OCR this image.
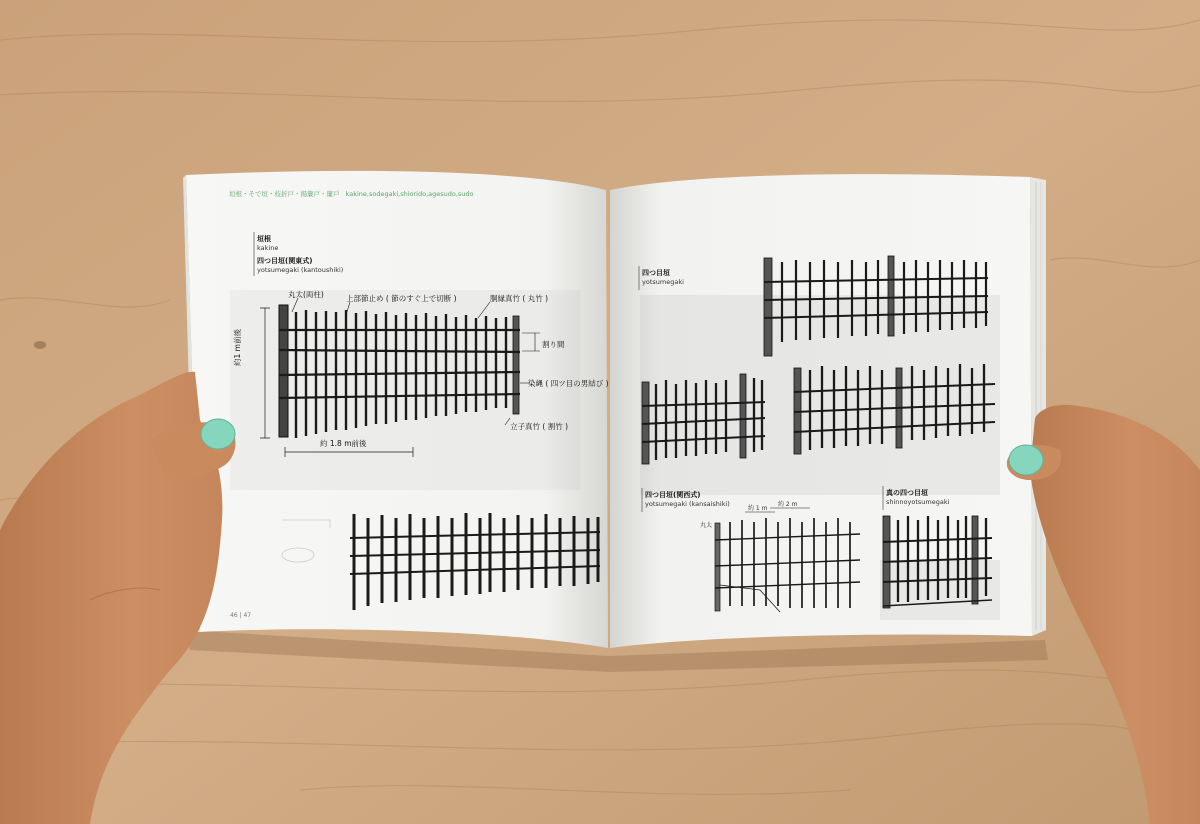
垣根・そで垣・枝折戸・揚簾戸・簾戸 kakine,sodegaki,shiorido,agesudo,sudo
垣根
kakine
四つ目垣(関東式)
yotsumegaki (kantoushiki)
丸太(両柱)	上部節止め ( 節のすぐ上で切断 )	胴縁真竹 ( 丸竹 )
割り間
染縄 ( 四ツ目の男結び )
立子真竹 ( 割竹 )
約1 m前後
約 1.8 m前後
46 | 47
四つ目垣
yotsumegaki
四つ目垣(関西式)
yotsumegaki (kansaishiki)
約 1 m
約 2 m
丸太
真の四つ目垣
shinnoyotsumegaki
